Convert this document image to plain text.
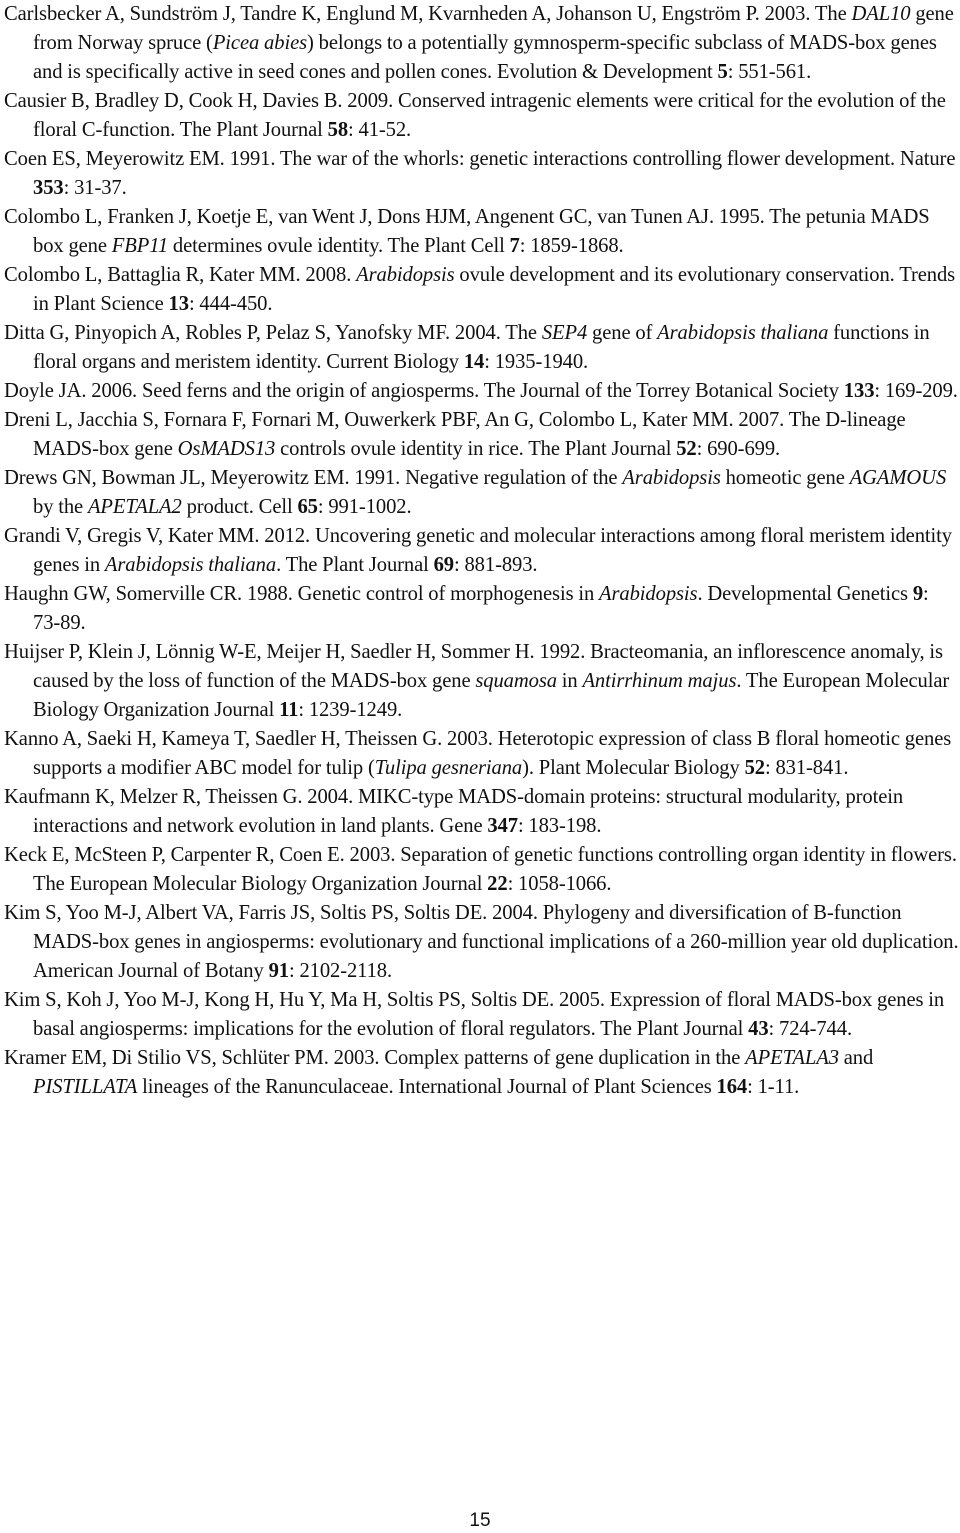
Carlsbecker A, Sundström J, Tandre K, Englund M, Kvarnheden A, Johanson U, Engström P. 2003. The DAL10 gene from Norway spruce (Picea abies) belongs to a potentially gymnosperm-specific subclass of MADS-box genes and is specifically active in seed cones and pollen cones. Evolution & Development 5: 551-561.
Causier B, Bradley D, Cook H, Davies B. 2009. Conserved intragenic elements were critical for the evolution of the floral C-function. The Plant Journal 58: 41-52.
Coen ES, Meyerowitz EM. 1991. The war of the whorls: genetic interactions controlling flower development. Nature 353: 31-37.
Colombo L, Franken J, Koetje E, van Went J, Dons HJM, Angenent GC, van Tunen AJ. 1995. The petunia MADS box gene FBP11 determines ovule identity. The Plant Cell 7: 1859-1868.
Colombo L, Battaglia R, Kater MM. 2008. Arabidopsis ovule development and its evolutionary conservation. Trends in Plant Science 13: 444-450.
Ditta G, Pinyopich A, Robles P, Pelaz S, Yanofsky MF. 2004. The SEP4 gene of Arabidopsis thaliana functions in floral organs and meristem identity. Current Biology 14: 1935-1940.
Doyle JA. 2006. Seed ferns and the origin of angiosperms. The Journal of the Torrey Botanical Society 133: 169-209.
Dreni L, Jacchia S, Fornara F, Fornari M, Ouwerkerk PBF, An G, Colombo L, Kater MM. 2007. The D-lineage MADS-box gene OsMADS13 controls ovule identity in rice. The Plant Journal 52: 690-699.
Drews GN, Bowman JL, Meyerowitz EM. 1991. Negative regulation of the Arabidopsis homeotic gene AGAMOUS by the APETALA2 product. Cell 65: 991-1002.
Grandi V, Gregis V, Kater MM. 2012. Uncovering genetic and molecular interactions among floral meristem identity genes in Arabidopsis thaliana. The Plant Journal 69: 881-893.
Haughn GW, Somerville CR. 1988. Genetic control of morphogenesis in Arabidopsis. Developmental Genetics 9: 73-89.
Huijser P, Klein J, Lönnig W-E, Meijer H, Saedler H, Sommer H. 1992. Bracteomania, an inflorescence anomaly, is caused by the loss of function of the MADS-box gene squamosa in Antirrhinum majus. The European Molecular Biology Organization Journal 11: 1239-1249.
Kanno A, Saeki H, Kameya T, Saedler H, Theissen G. 2003. Heterotopic expression of class B floral homeotic genes supports a modifier ABC model for tulip (Tulipa gesneriana). Plant Molecular Biology 52: 831-841.
Kaufmann K, Melzer R, Theissen G. 2004. MIKC-type MADS-domain proteins: structural modularity, protein interactions and network evolution in land plants. Gene 347: 183-198.
Keck E, McSteen P, Carpenter R, Coen E. 2003. Separation of genetic functions controlling organ identity in flowers. The European Molecular Biology Organization Journal 22: 1058-1066.
Kim S, Yoo M-J, Albert VA, Farris JS, Soltis PS, Soltis DE. 2004. Phylogeny and diversification of B-function MADS-box genes in angiosperms: evolutionary and functional implications of a 260-million year old duplication. American Journal of Botany 91: 2102-2118.
Kim S, Koh J, Yoo M-J, Kong H, Hu Y, Ma H, Soltis PS, Soltis DE. 2005. Expression of floral MADS-box genes in basal angiosperms: implications for the evolution of floral regulators. The Plant Journal 43: 724-744.
Kramer EM, Di Stilio VS, Schlüter PM. 2003. Complex patterns of gene duplication in the APETALA3 and PISTILLATA lineages of the Ranunculaceae. International Journal of Plant Sciences 164: 1-11.
15
